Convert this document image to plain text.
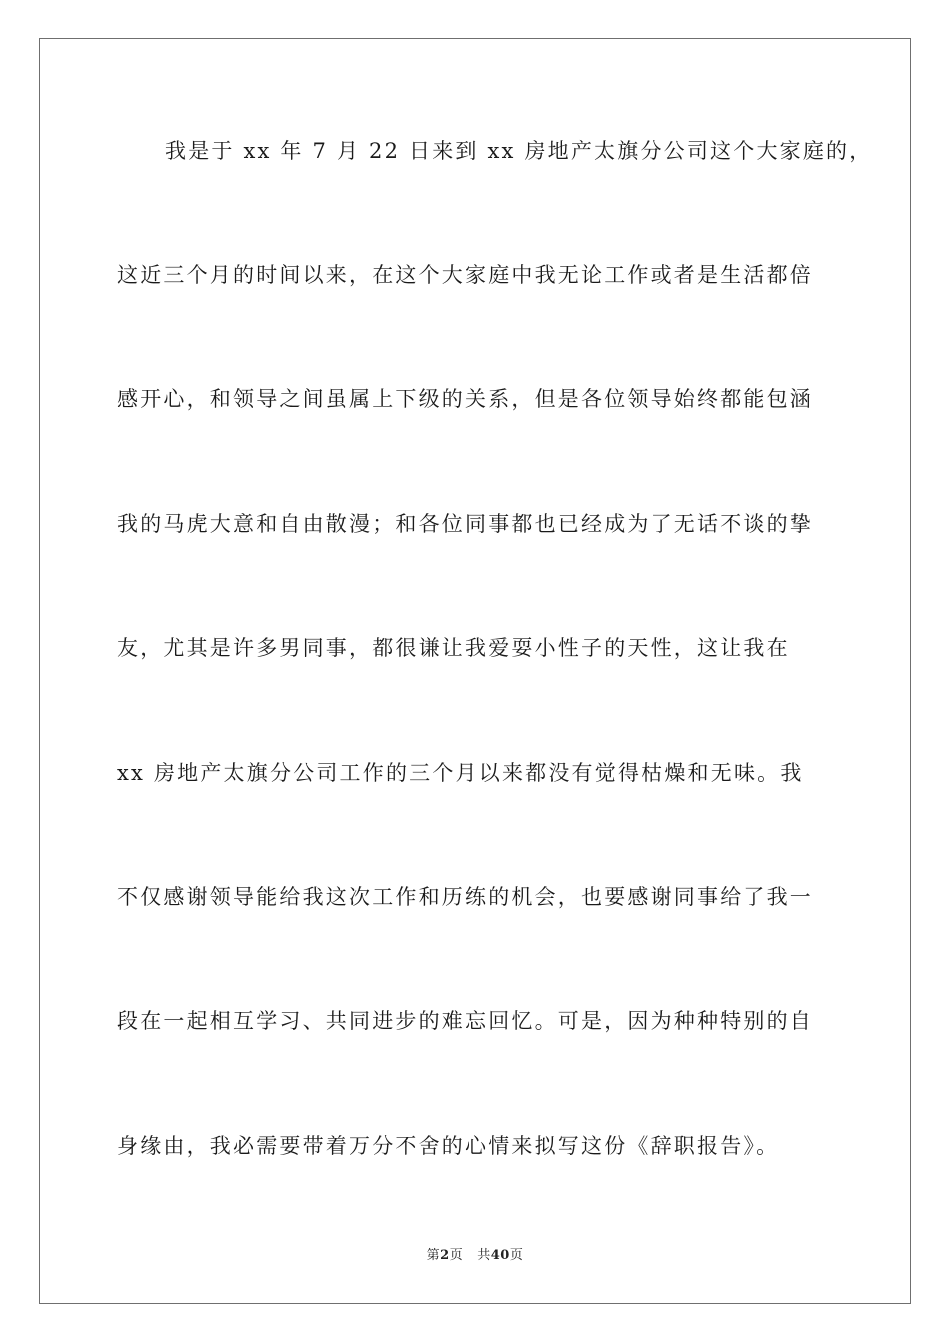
我是于 xx 年 7 月 22 日来到 xx 房地产太旗分公司这个大家庭的，
这近三个月的时间以来，在这个大家庭中我无论工作或者是生活都倍
感开心，和领导之间虽属上下级的关系，但是各位领导始终都能包涵
我的马虎大意和自由散漫；和各位同事都也已经成为了无话不谈的挚
友，尤其是许多男同事，都很谦让我爱耍小性子的天性，这让我在
xx 房地产太旗分公司工作的三个月以来都没有觉得枯燥和无味。我
不仅感谢领导能给我这次工作和历练的机会，也要感谢同事给了我一
段在一起相互学习、共同进步的难忘回忆。可是，因为种种特别的自
身缘由，我必需要带着万分不舍的心情来拟写这份《辞职报告》。
第2页 共40页
